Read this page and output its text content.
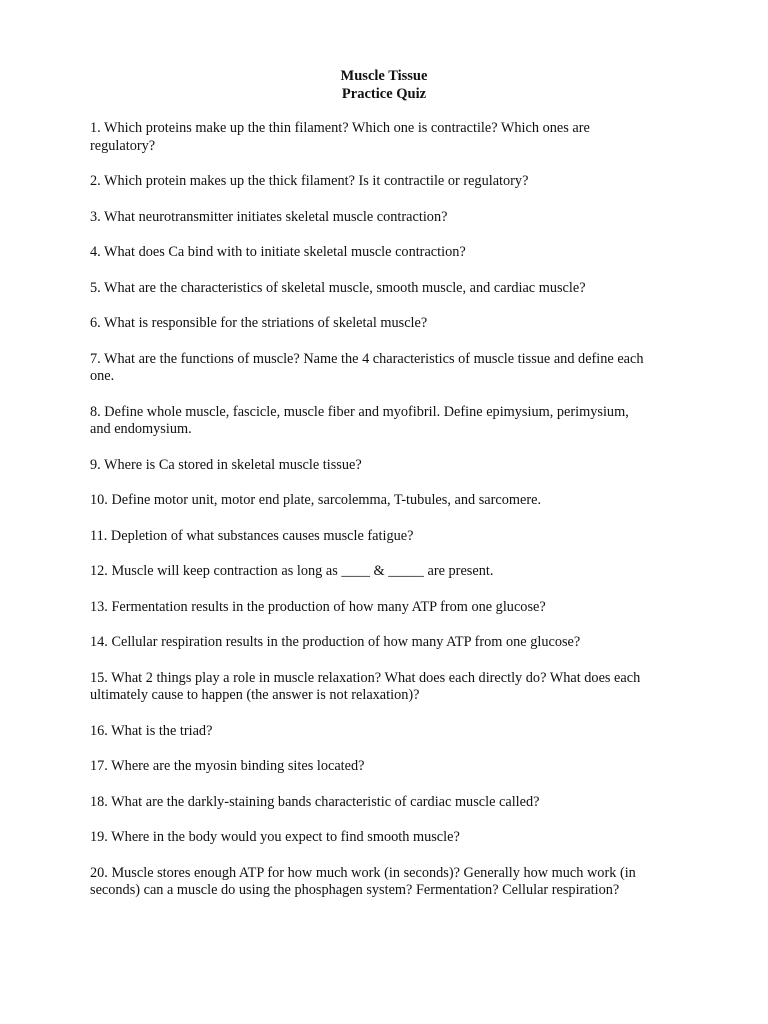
Muscle Tissue
Practice Quiz
1. Which proteins make up the thin filament? Which one is contractile? Which ones are
regulatory?
2. Which protein makes up the thick filament? Is it contractile or regulatory?
3. What neurotransmitter initiates skeletal muscle contraction?
4. What does Ca bind with to initiate skeletal muscle contraction?
5. What are the characteristics of skeletal muscle, smooth muscle, and cardiac muscle?
6. What is responsible for the striations of skeletal muscle?
7. What are the functions of muscle? Name the 4 characteristics of muscle tissue and define each
one.
8. Define whole muscle, fascicle, muscle fiber and myofibril. Define epimysium, perimysium,
and endomysium.
9. Where is Ca stored in skeletal muscle tissue?
10. Define motor unit, motor end plate, sarcolemma, T-tubules, and sarcomere.
11. Depletion of what substances causes muscle fatigue?
12. Muscle will keep contraction as long as ____ & _____ are present.
13. Fermentation results in the production of how many ATP from one glucose?
14. Cellular respiration results in the production of how many ATP from one glucose?
15. What 2 things play a role in muscle relaxation? What does each directly do? What does each
ultimately cause to happen (the answer is not relaxation)?
16. What is the triad?
17. Where are the myosin binding sites located?
18. What are the darkly-staining bands characteristic of cardiac muscle called?
19. Where in the body would you expect to find smooth muscle?
20. Muscle stores enough ATP for how much work (in seconds)? Generally how much work (in
seconds) can a muscle do using the phosphagen system? Fermentation? Cellular respiration?
